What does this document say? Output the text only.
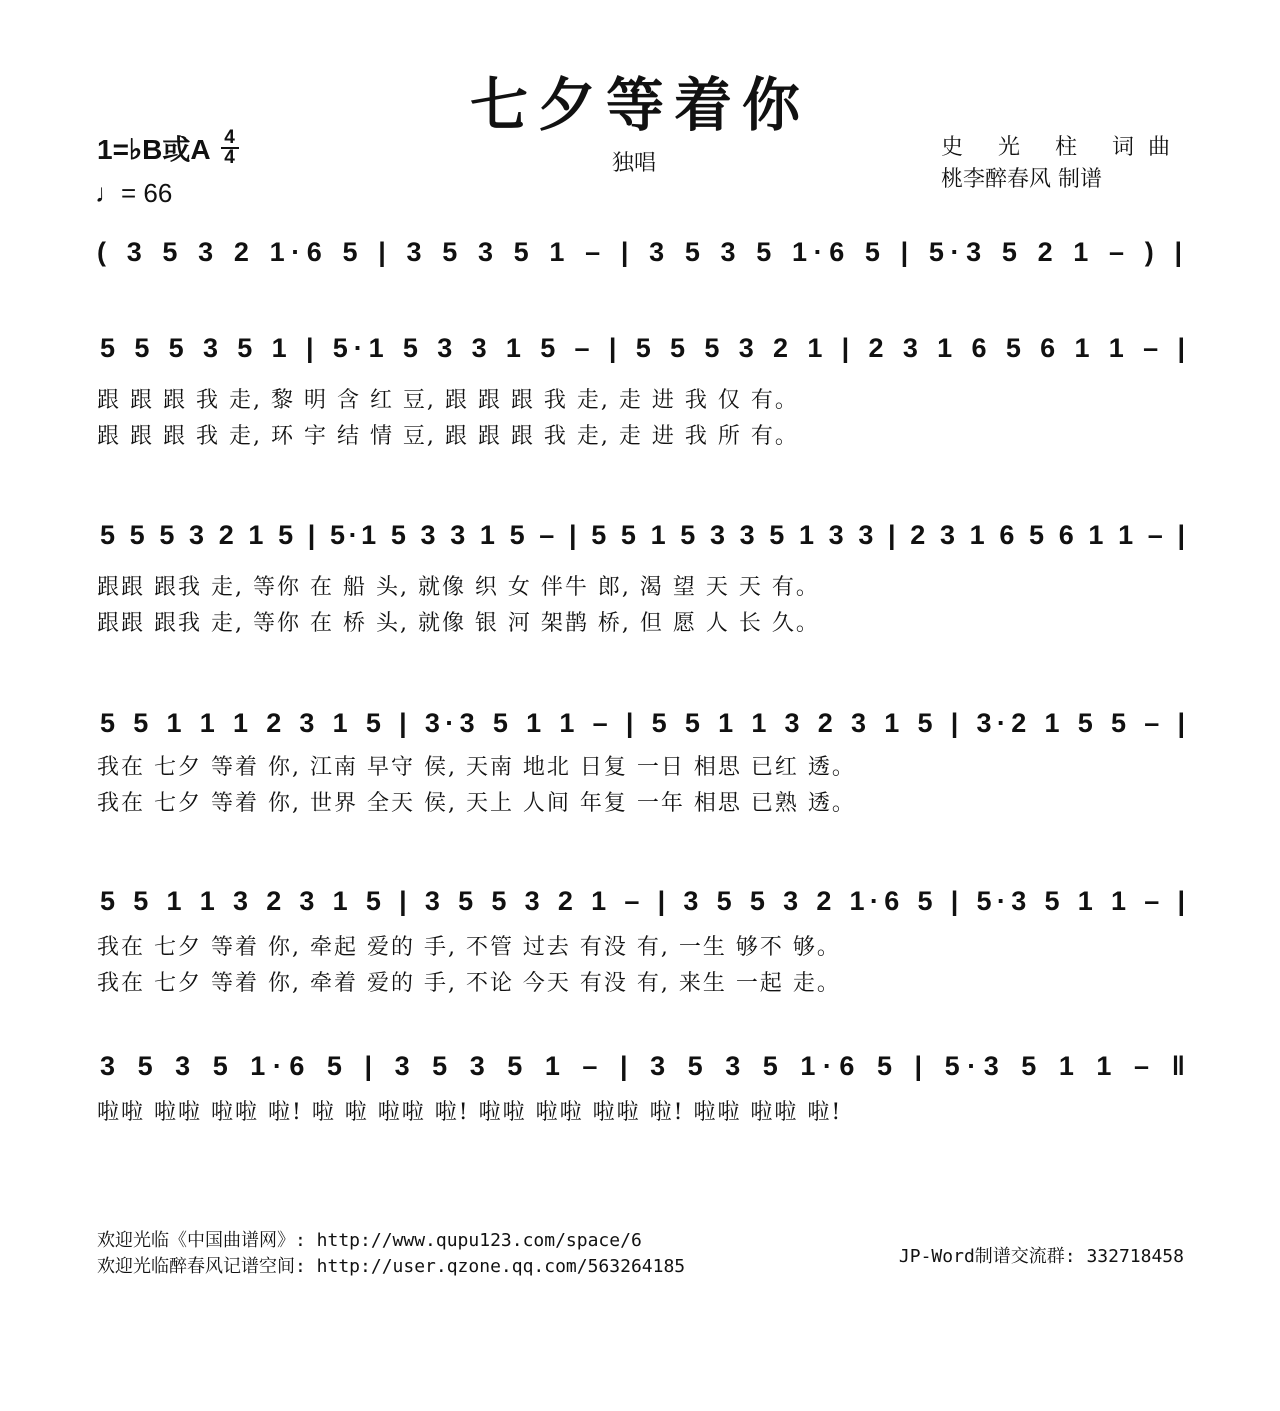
七夕等着你
1=♭B或A $\frac{4}{4}$
♩= 66
独唱
史 光 柱 词曲
桃李醉春风 制谱
( 3 5 3 2 1·6 5 | 3 5 3 5 1 – | 3 5 3 5 1·6 5 | 5·3 5 2 1 – ) |
5 5 5 3 5 1 | 5·1 5 3 3 1 5 – | 5 5 5 3 2 1 | 2 3 1 6 5 6 1 1 – |
跟 跟 跟 我 走, 黎 明 含 红 豆, 跟 跟 跟 我 走, 走 进 我 仅 有。
跟 跟 跟 我 走, 环 宇 结 情 豆, 跟 跟 跟 我 走, 走 进 我 所 有。
5 5 5 3 2 1 5 | 5·1 5 3 3 1 5 – | 5 5 1 5 3 3 5 1 3 3 | 2 3 1 6 5 6 1 1 – |
跟跟 跟我 走, 等你 在 船 头, 就像 织 女 伴牛 郎, 渴 望 天 天 有。
跟跟 跟我 走, 等你 在 桥 头, 就像 银 河 架鹊 桥, 但 愿 人 长 久。
5 5 1 1 1 2 3 1 5 | 3·3 5 1 1 – | 5 5 1 1 3 2 3 1 5 | 3·2 1 5 5 – |
我在 七夕 等着 你, 江南 早守 侯, 天南 地北 日复 一日 相思 已红 透。
我在 七夕 等着 你, 世界 全天 侯, 天上 人间 年复 一年 相思 已熟 透。
5 5 1 1 3 2 3 1 5 | 3 5 5 3 2 1 – | 3 5 5 3 2 1·6 5 | 5·3 5 1 1 – |
我在 七夕 等着 你, 牵起 爱的 手, 不管 过去 有没 有, 一生 够不 够。
我在 七夕 等着 你, 牵着 爱的 手, 不论 今天 有没 有, 来生 一起 走。
3 5 3 5 1·6 5 | 3 5 3 5 1 – | 3 5 3 5 1·6 5 | 5·3 5 1 1 – ‖
啦啦 啦啦 啦啦 啦! 啦 啦 啦啦 啦! 啦啦 啦啦 啦啦 啦! 啦啦 啦啦 啦!
欢迎光临《中国曲谱网》: http://www.qupu123.com/space/6
欢迎光临醉春风记谱空间: http://user.qzone.qq.com/563264185	JP-Word制谱交流群: 332718458
